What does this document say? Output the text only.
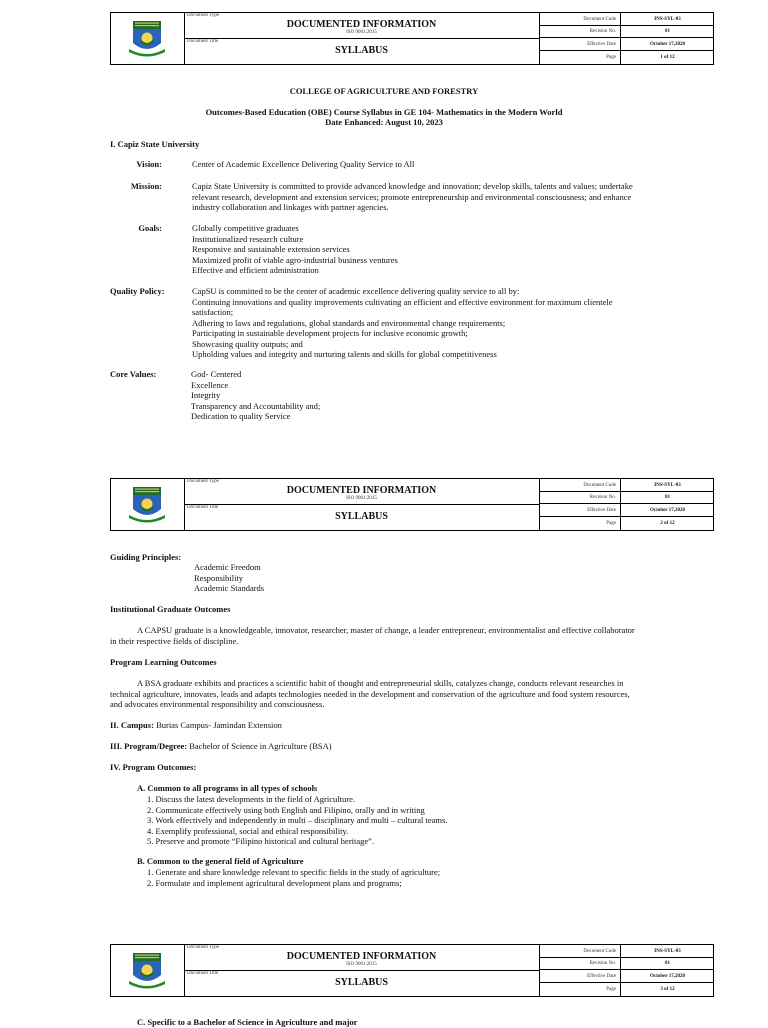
Document Type
DOCUMENTED INFORMATION
ISO 9001:2015
Document Title
SYLLABUS
Document Code	INS-SYL-03
Revision No.	01
Effective Date	October 17,2020
Page	1 of 12
Document Type
DOCUMENTED INFORMATION
ISO 9001:2015
Document Title
SYLLABUS
Document Code	INS-SYL-03
Revision No.	01
Effective Date	October 17,2020
Page	2 of 12
Document Type
DOCUMENTED INFORMATION
ISO 9001:2015
Document Title
SYLLABUS
Document Code	INS-SYL-03
Revision No.	01
Effective Date	October 17,2020
Page	3 of 12
COLLEGE OF AGRICULTURE AND FORESTRY
Outcomes-Based Education (OBE) Course Syllabus in GE 104- Mathematics in the Modern World
Date Enhanced: August 10, 2023
I. Capiz State University
Vision:	Center of Academic Excellence Delivering Quality Service to All
Mission:	Capiz State University is committed to provide advanced knowledge and innovation; develop skills, talents and values; undertake
relevant research, development and extension services; promote entrepreneurship and environmental consciousness; and enhance
industry collaboration and linkages with partner agencies.
Goals:	Globally competitive graduates
Institutionalized research culture
Responsive and sustainable extension services
Maximized profit of viable agro-industrial business ventures
Effective and efficient administration
Quality Policy:	CapSU is committed to be the center of academic excellence delivering quality service to all by:
Continuing innovations and quality improvements cultivating an efficient and effective environment for maximum clientele
satisfaction;
Adhering to laws and regulations, global standards and environmental change requirements;
Participating in sustainable development projects for inclusive economic growth;
Showcasing quality outputs; and
Upholding values and integrity and nurturing talents and skills for global competitiveness
Core Values:	God- Centered
Excellence
Integrity
Transparency and Accountability and;
Dedication to quality Service
Guiding Principles:
Academic Freedom
Responsibility
Academic Standards
Institutional Graduate Outcomes
A CAPSU graduate is a knowledgeable, innovator, researcher, master of change, a leader entrepreneur, environmentalist and effective collaborator
in their respective fields of discipline.
Program Learning Outcomes
A BSA graduate exhibits and practices a scientific habit of thought and entrepreneurial skills, catalyzes change, conducts relevant researches in
technical agriculture, innovates, leads and adapts technologies needed in the development and conservation of the agriculture and food system resources,
and advocates environmental responsibility and consciousness.
II. Campus: Burias Campus- Jamindan Extension
III. Program/Degree: Bachelor of Science in Agriculture (BSA)
IV. Program Outcomes:
A. Common to all programs in all types of schools
1. Discuss the latest developments in the field of Agriculture.
2. Communicate effectively using both English and Filipino, orally and in writing
3. Work effectively and independently in multi – disciplinary and multi – cultural teams.
4. Exemplify professional, social and ethical responsibility.
5. Preserve and promote “Filipino historical and cultural heritage”.
B. Common to the general field of Agriculture
1. Generate and share knowledge relevant to specific fields in the study of agriculture;
2. Formulate and implement agricultural development plans and programs;
C. Specific to a Bachelor of Science in Agriculture and major
